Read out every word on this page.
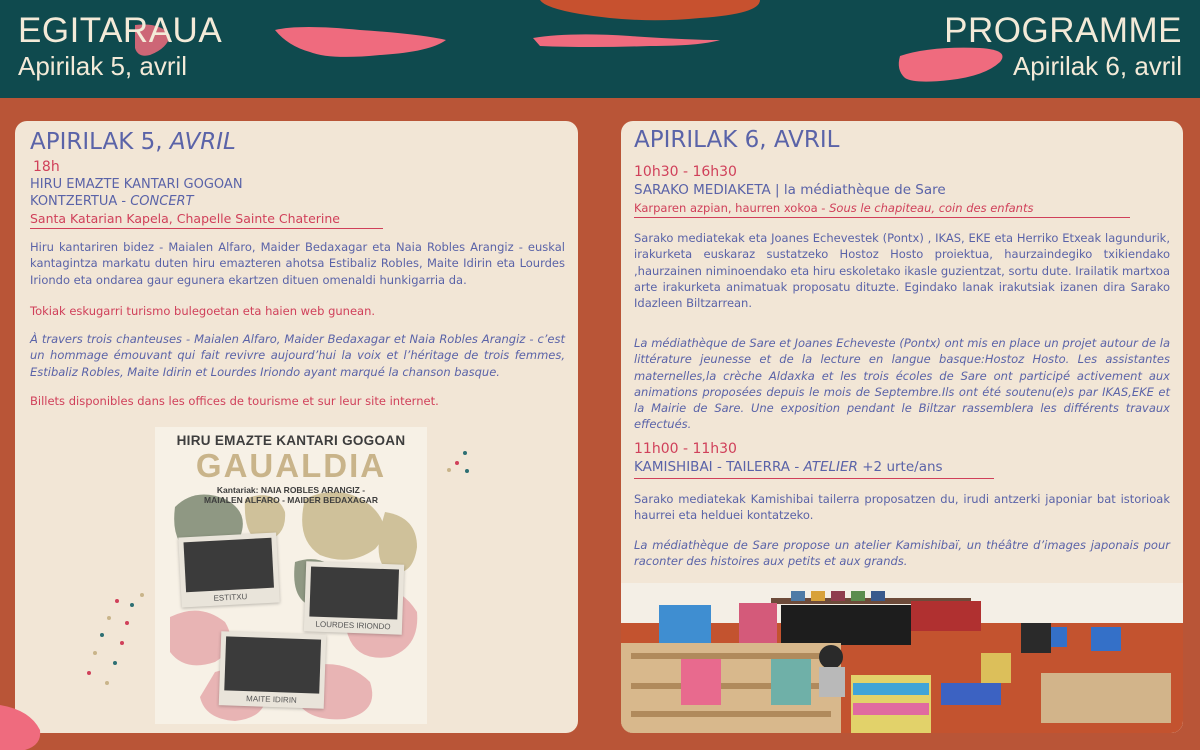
EGITARAUA
Apirilak 5, avril
PROGRAMME
Apirilak 6, avril
APIRILAK 5, AVRIL
18h
HIRU EMAZTE KANTARI GOGOAN
KONTZERTUA - CONCERT
Santa Katarian Kapela, Chapelle Sainte Chaterine
Hiru kantariren bidez - Maialen Alfaro, Maider Bedaxagar eta Naia Robles Arangiz - euskal kantagintza markatu duten hiru emazteren ahotsa Estibaliz Robles, Maite Idirin eta Lourdes Iriondo eta ondarea gaur egunera ekartzen dituen omenaldi hunkigarria da.
Tokiak eskugarri turismo bulegoetan eta haien web gunean.
À travers trois chanteuses - Maialen Alfaro, Maider Bedaxagar et Naia Robles Arangiz - c’est un hommage émouvant qui fait revivre aujourd’hui la voix et l’héritage de trois femmes, Estibaliz Robles, Maite Idirin et Lourdes Iriondo ayant marqué la chanson basque.
Billets disponibles dans les offices de tourisme et sur leur site internet.
HIRU EMAZTE KANTARI GOGOAN
GAUALDIA
Kantariak: NAIA ROBLES ARANGIZ -
MAIALEN ALFARO - MAIDER BEDAXAGAR
ESTITXU
LOURDES IRIONDO
MAITE IDIRIN
APIRILAK 6, AVRIL
10h30 - 16h30
SARAKO MEDIAKETA | la médiathèque de Sare
Karparen azpian, haurren xokoa - Sous le chapiteau, coin des enfants
Sarako mediatekak eta Joanes Echevestek (Pontx) , IKAS, EKE eta Herriko Etxeak lagundurik, irakurketa euskaraz sustatzeko Hostoz Hosto proiektua, haurzaindegiko txikiendako ,haurzainen niminoendako eta hiru eskoletako ikasle guzientzat, sortu dute. Irailatik martxoa arte irakurketa animatuak proposatu dituzte. Egindako lanak irakutsiak izanen dira Sarako Idazleen Biltzarrean.
La médiathèque de Sare et Joanes Echeveste (Pontx) ont mis en place un projet autour de la littérature jeunesse et de la lecture en langue basque:Hostoz Hosto. Les assistantes maternelles,la crèche Aldaxka et les trois écoles de Sare ont participé activement aux animations proposées depuis le mois de Septembre.Ils ont été soutenu(e)s par IKAS,EKE et la Mairie de Sare. Une exposition pendant le Biltzar rassemblera les différents travaux effectués.
11h00 - 11h30
KAMISHIBAI - TAILERRA - ATELIER +2 urte/ans
Sarako mediatekak Kamishibai tailerra proposatzen du, irudi antzerki japoniar bat istorioak haurrei eta helduei kontatzeko.
La médiathèque de Sare propose un atelier Kamishibaï, un théâtre d’images japonais pour raconter des histoires aux petits et aux grands.
